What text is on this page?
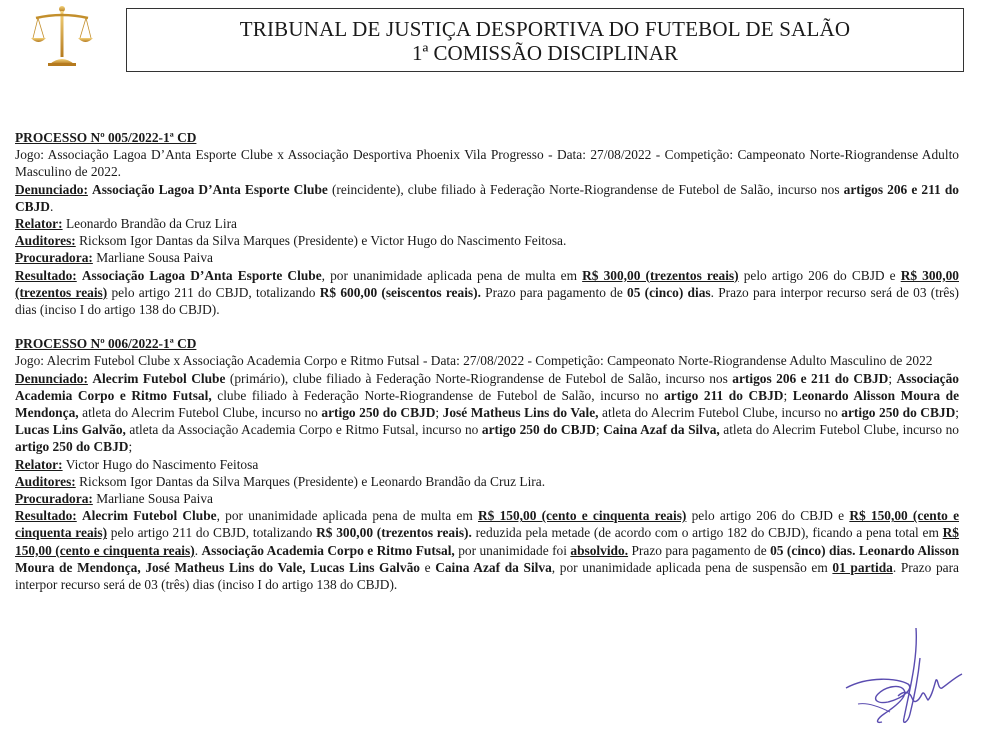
TRIBUNAL DE JUSTIÇA DESPORTIVA DO FUTEBOL DE SALÃO
1ª COMISSÃO DISCIPLINAR

PROCESSO Nº 005/2022-1ª CD

Jogo: Associação Lagoa D’Anta Esporte Clube x Associação Desportiva Phoenix Vila Progresso - Data: 27/08/2022 - Competição: Campeonato Norte-Riograndense Adulto Masculino de 2022.

Denunciado: Associação Lagoa D’Anta Esporte Clube (reincidente), clube filiado à Federação Norte-Riograndense de Futebol de Salão, incurso nos artigos 206 e 211 do CBJD.

Relator: Leonardo Brandão da Cruz Lira

Auditores: Ricksom Igor Dantas da Silva Marques (Presidente) e Victor Hugo do Nascimento Feitosa.

Procuradora: Marliane Sousa Paiva

Resultado: Associação Lagoa D’Anta Esporte Clube, por unanimidade aplicada pena de multa em R$ 300,00 (trezentos reais) pelo artigo 206 do CBJD e R$ 300,00 (trezentos reais) pelo artigo 211 do CBJD, totalizando R$ 600,00 (seiscentos reais). Prazo para pagamento de 05 (cinco) dias. Prazo para interpor recurso será de 03 (três) dias (inciso I do artigo 138 do CBJD).

PROCESSO Nº 006/2022-1ª CD

Jogo: Alecrim Futebol Clube x Associação Academia Corpo e Ritmo Futsal - Data: 27/08/2022 - Competição: Campeonato Norte-Riograndense Adulto Masculino de 2022

Denunciado: Alecrim Futebol Clube (primário), clube filiado à Federação Norte-Riograndense de Futebol de Salão, incurso nos artigos 206 e 211 do CBJD; Associação Academia Corpo e Ritmo Futsal, clube filiado à Federação Norte-Riograndense de Futebol de Salão, incurso no artigo 211 do CBJD; Leonardo Alisson Moura de Mendonça, atleta do Alecrim Futebol Clube, incurso no artigo 250 do CBJD; José Matheus Lins do Vale, atleta do Alecrim Futebol Clube, incurso no artigo 250 do CBJD; Lucas Lins Galvão, atleta da Associação Academia Corpo e Ritmo Futsal, incurso no artigo 250 do CBJD; Caina Azaf da Silva, atleta do Alecrim Futebol Clube, incurso no artigo 250 do CBJD;

Relator: Victor Hugo do Nascimento Feitosa

Auditores: Ricksom Igor Dantas da Silva Marques (Presidente) e Leonardo Brandão da Cruz Lira.

Procuradora: Marliane Sousa Paiva

Resultado: Alecrim Futebol Clube, por unanimidade aplicada pena de multa em R$ 150,00 (cento e cinquenta reais) pelo artigo 206 do CBJD e R$ 150,00 (cento e cinquenta reais) pelo artigo 211 do CBJD, totalizando R$ 300,00 (trezentos reais). reduzida pela metade (de acordo com o artigo 182 do CBJD), ficando a pena total em R$ 150,00 (cento e cinquenta reais). Associação Academia Corpo e Ritmo Futsal, por unanimidade foi absolvido. Prazo para pagamento de 05 (cinco) dias. Leonardo Alisson Moura de Mendonça, José Matheus Lins do Vale, Lucas Lins Galvão e Caina Azaf da Silva, por unanimidade aplicada pena de suspensão em 01 partida. Prazo para interpor recurso será de 03 (três) dias (inciso I do artigo 138 do CBJD).
